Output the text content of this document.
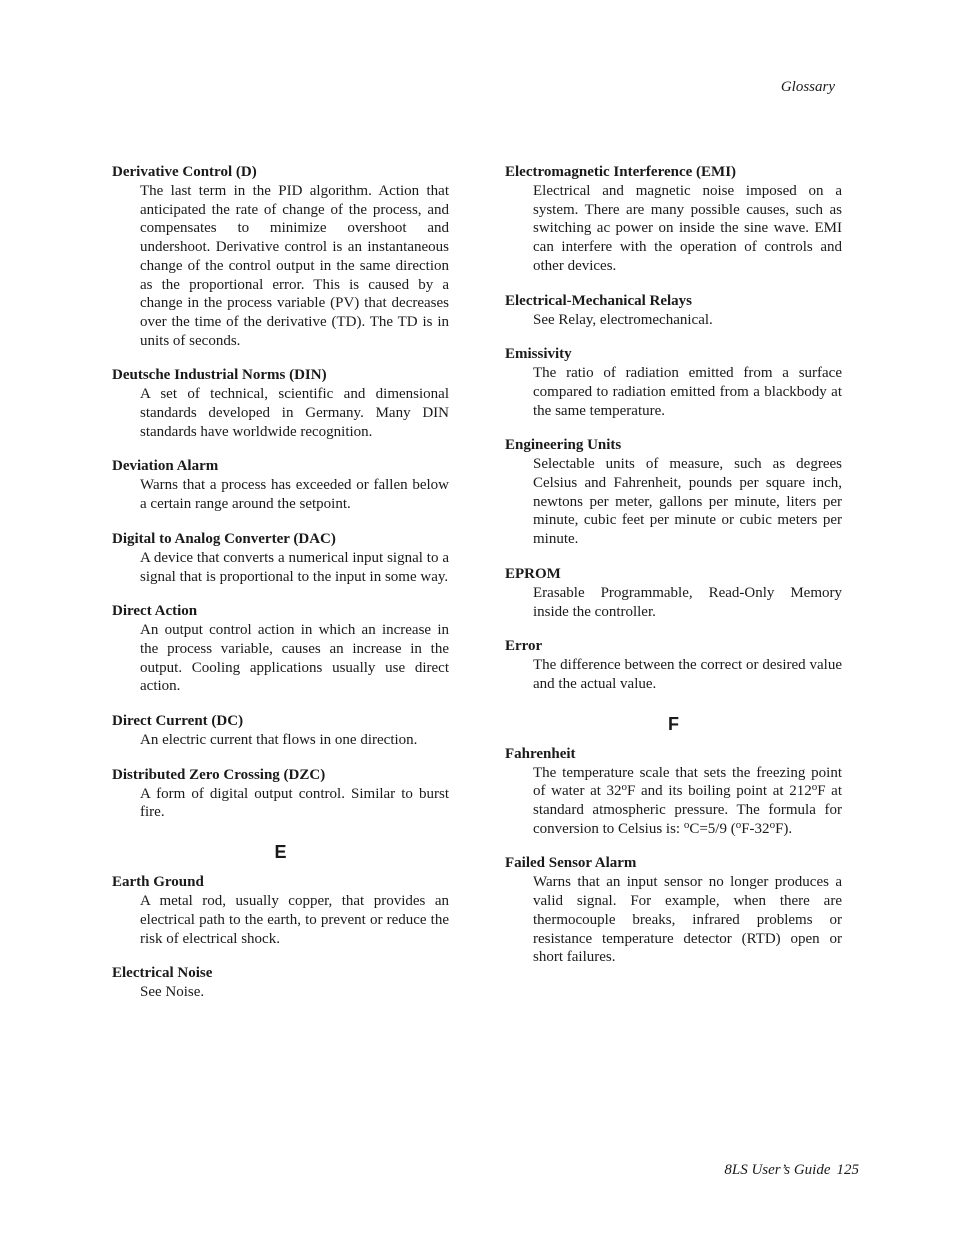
Glossary
Derivative Control (D)
The last term in the PID algorithm. Action that anticipated the rate of change of the process, and compensates to minimize overshoot and undershoot. Derivative control is an instantaneous change of the control output in the same direction as the proportional error. This is caused by a change in the process variable (PV) that decreases over the time of the derivative (TD). The TD is in units of seconds.
Deutsche Industrial Norms (DIN)
A set of technical, scientific and dimensional standards developed in Germany. Many DIN standards have worldwide recognition.
Deviation Alarm
Warns that a process has exceeded or fallen below a certain range around the setpoint.
Digital to Analog Converter (DAC)
A device that converts a numerical input signal to a signal that is proportional to the input in some way.
Direct Action
An output control action in which an increase in the process variable, causes an increase in the output. Cooling applications usually use direct action.
Direct Current (DC)
An electric current that flows in one direction.
Distributed Zero Crossing (DZC)
A form of digital output control. Similar to burst fire.
E
Earth Ground
A metal rod, usually copper, that provides an electrical path to the earth, to prevent or reduce the risk of electrical shock.
Electrical Noise
See Noise.
Electromagnetic Interference (EMI)
Electrical and magnetic noise imposed on a system. There are many possible causes, such as switching ac power on inside the sine wave. EMI can interfere with the operation of controls and other devices.
Electrical-Mechanical Relays
See Relay, electromechanical.
Emissivity
The ratio of radiation emitted from a surface compared to radiation emitted from a blackbody at the same temperature.
Engineering Units
Selectable units of measure, such as degrees Celsius and Fahrenheit, pounds per square inch, newtons per meter, gallons per minute, liters per minute, cubic feet per minute or cubic meters per minute.
EPROM
Erasable Programmable, Read-Only Memory inside the controller.
Error
The difference between the correct or desired value and the actual value.
F
Fahrenheit
The temperature scale that sets the freezing point of water at 32$^o$F and its boiling point at 212$^o$F at standard atmospheric pressure. The formula for conversion to Celsius is: $^o$C=5/9 ($^o$F-32$^o$F).
Failed Sensor Alarm
Warns that an input sensor no longer produces a valid signal. For example, when there are thermocouple breaks, infrared problems or resistance temperature detector (RTD) open or short failures.
8LS User’s Guide 125
